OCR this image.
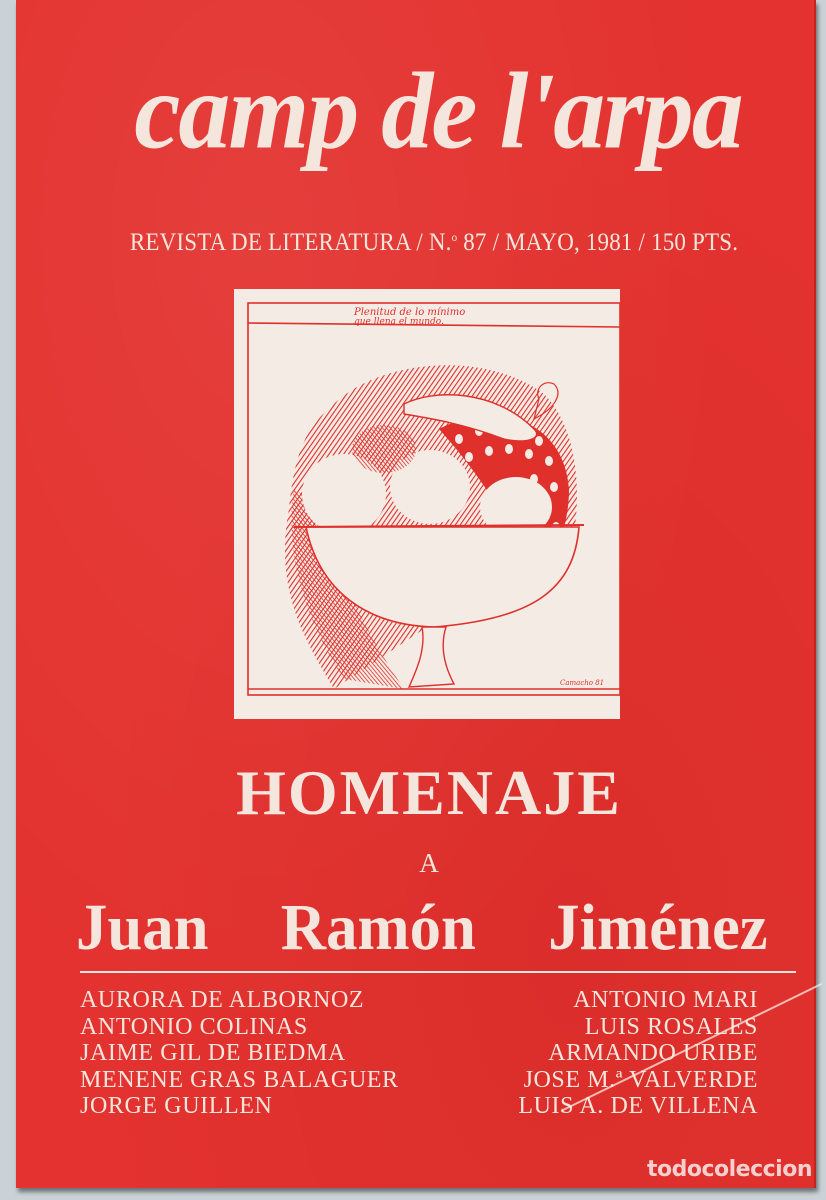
camp de l'arpa
REVISTA DE LITERATURA / N.$^o$ 87 / MAYO, 1981 / 150 PTS.
Plenitud de lo mínimo
que llena el mundo.
Camacho 81
HOMENAJE
A
Juan Ramón Jiménez
AURORA DE ALBORNOZ
ANTONIO COLINAS
JAIME GIL DE BIEDMA
MENENE GRAS BALAGUER
JORGE GUILLEN
ANTONIO MARI
LUIS ROSALES
ARMANDO URIBE
JOSE M.ª VALVERDE
LUIS A. DE VILLENA
todocoleccion
